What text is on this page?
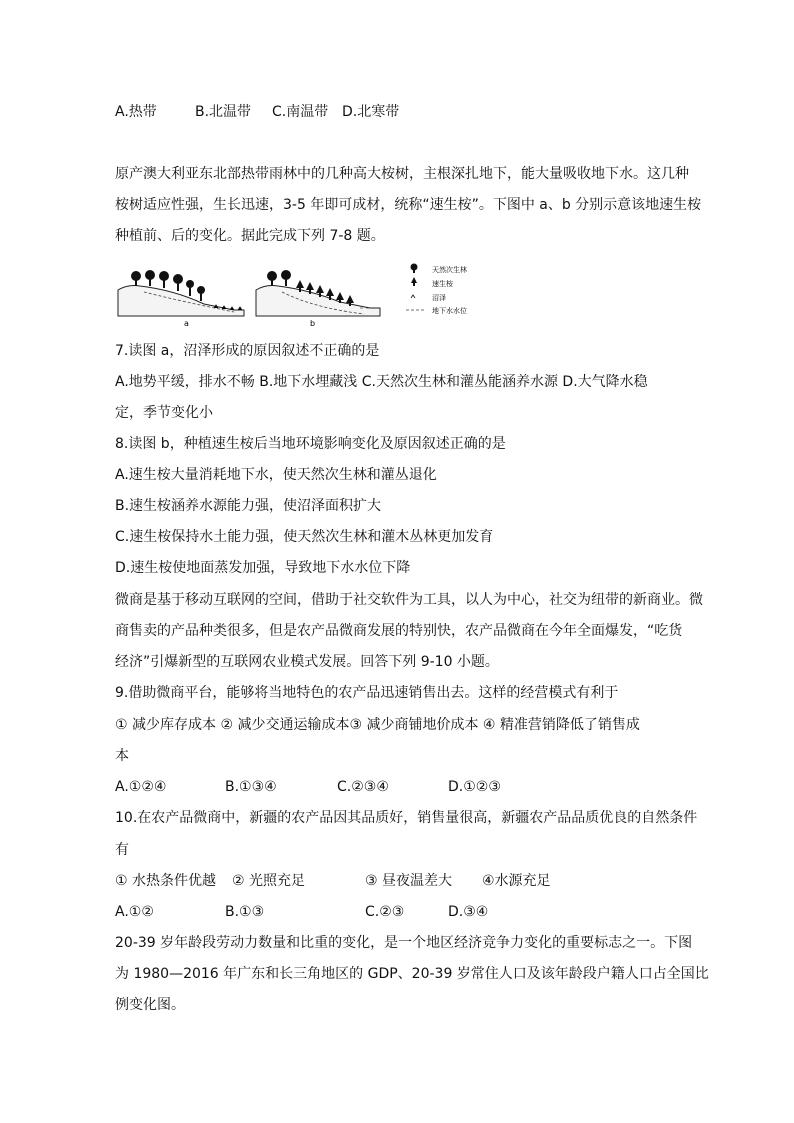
A.热带	B.北温带 C.南温带 D.北寒带
原产澳大利亚东北部热带雨林中的几种高大桉树，主根深扎地下，能大量吸收地下水。这几种
桉树适应性强，生长迅速，3-5 年即可成材，统称“速生桉”。下图中 a、b 分别示意该地速生桉
种植前、后的变化。据此完成下列 7-8 题。
a	b
天然次生林
速生桉
沼泽
地下水水位
7.读图 a，沼泽形成的原因叙述不正确的是
A.地势平缓，排水不畅 B.地下水埋藏浅 C.天然次生林和灌丛能涵养水源 D.大气降水稳
定，季节变化小
8.读图 b，种植速生桉后当地环境影响变化及原因叙述正确的是
A.速生桉大量消耗地下水，使天然次生林和灌丛退化
B.速生桉涵养水源能力强，使沼泽面积扩大
C.速生桉保持水土能力强，使天然次生林和灌木丛林更加发育
D.速生桉使地面蒸发加强，导致地下水水位下降
微商是基于移动互联网的空间，借助于社交软件为工具，以人为中心，社交为纽带的新商业。微
商售卖的产品种类很多，但是农产品微商发展的特别快，农产品微商在今年全面爆发，“吃货
经济”引爆新型的互联网农业模式发展。回答下列 9-10 小题。
9.借助微商平台，能够将当地特色的农产品迅速销售出去。这样的经营模式有利于
① 减少库存成本 ② 减少交通运输成本③ 减少商铺地价成本 ④ 精准营销降低了销售成
本
A.①②④	B.①③④	C.②③④	D.①②③
10.在农产品微商中，新疆的农产品因其品质好，销售量很高，新疆农产品品质优良的自然条件
有
① 水热条件优越 ② 光照充足	③ 昼夜温差大 ④水源充足
A.①②	B.①③	C.②③	D.③④
20-39 岁年龄段劳动力数量和比重的变化，是一个地区经济竞争力变化的重要标志之一。下图
为 1980—2016 年广东和长三角地区的 GDP、20-39 岁常住人口及该年龄段户籍人口占全国比
例变化图。
